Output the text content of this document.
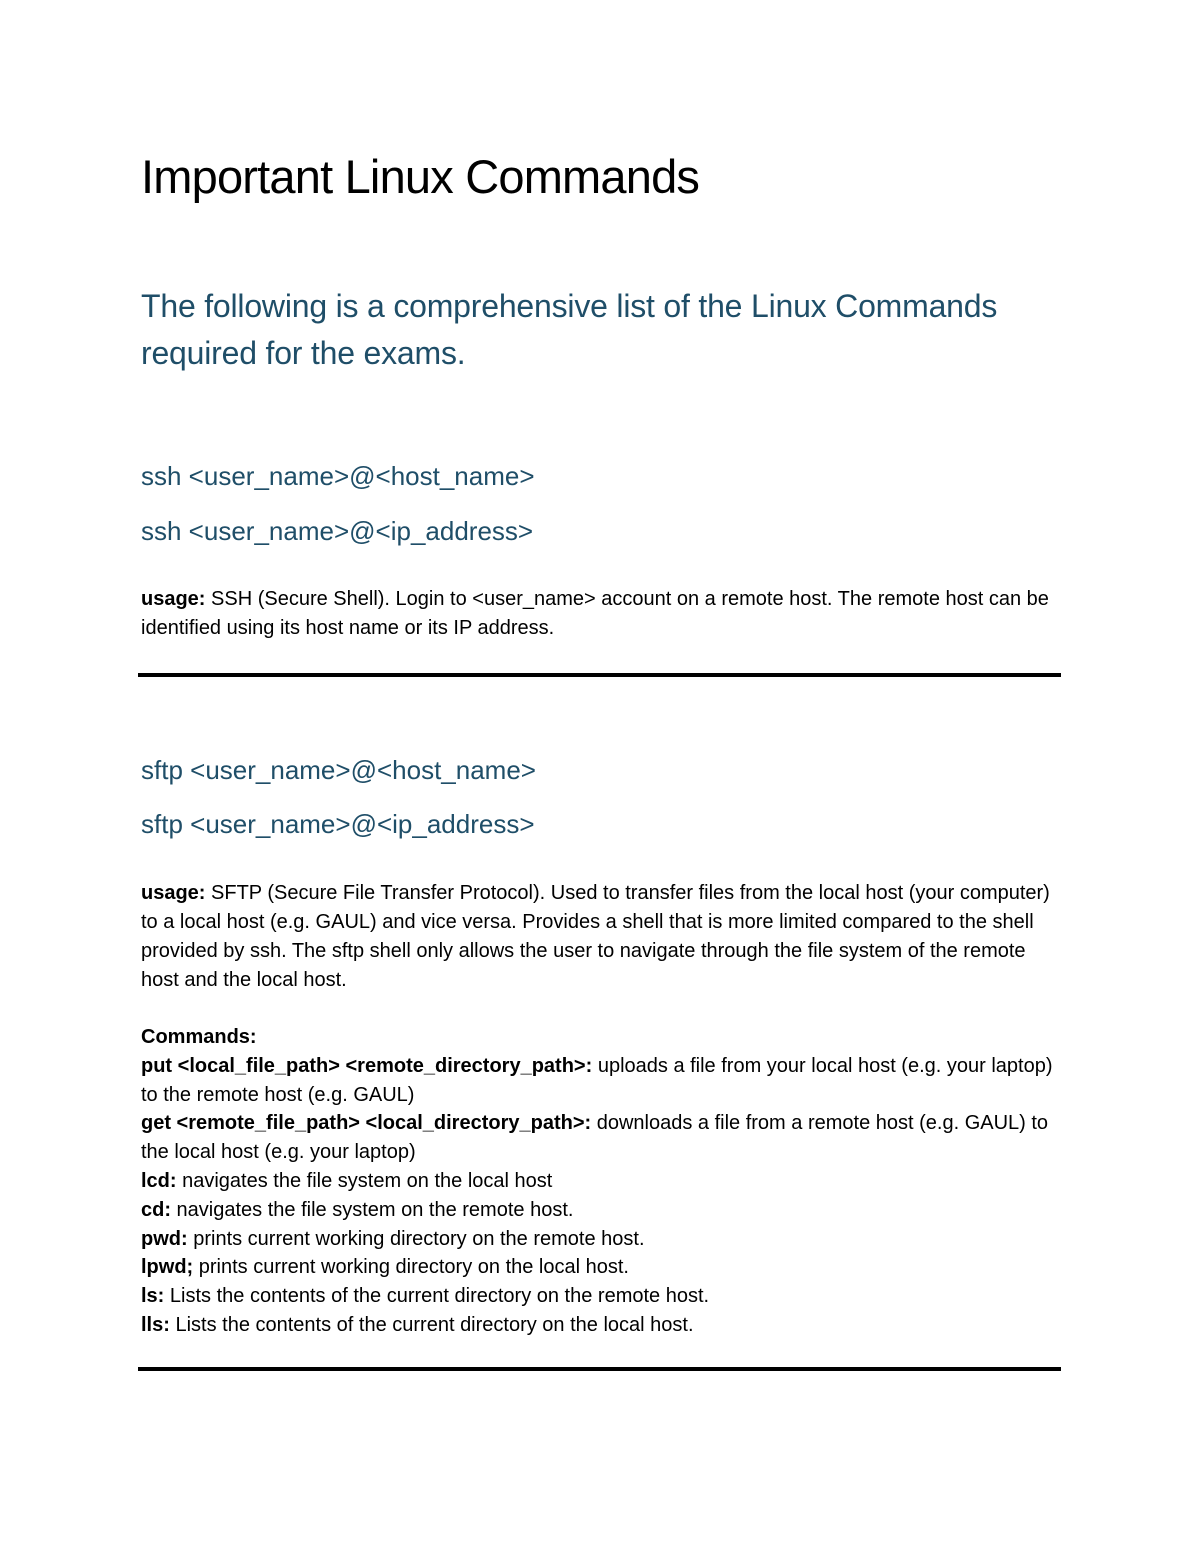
Important Linux Commands

The following is a comprehensive list of the Linux Commands required for the exams.

ssh <user_name>@<host_name>

ssh <user_name>@<ip_address>

usage: SSH (Secure Shell). Login to <user_name> account on a remote host. The remote host can be identified using its host name or its IP address.

sftp <user_name>@<host_name>

sftp <user_name>@<ip_address>

usage: SFTP (Secure File Transfer Protocol). Used to transfer files from the local host (your computer) to a local host (e.g. GAUL) and vice versa. Provides a shell that is more limited compared to the shell provided by ssh. The sftp shell only allows the user to navigate through the file system of the remote host and the local host.

Commands:
put <local_file_path> <remote_directory_path>: uploads a file from your local host (e.g. your laptop) to the remote host (e.g. GAUL)
get <remote_file_path> <local_directory_path>: downloads a file from a remote host (e.g. GAUL) to the local host (e.g. your laptop)
lcd: navigates the file system on the local host
cd: navigates the file system on the remote host.
pwd: prints current working directory on the remote host.
lpwd; prints current working directory on the local host.
ls: Lists the contents of the current directory on the remote host.
lls: Lists the contents of the current directory on the local host.
